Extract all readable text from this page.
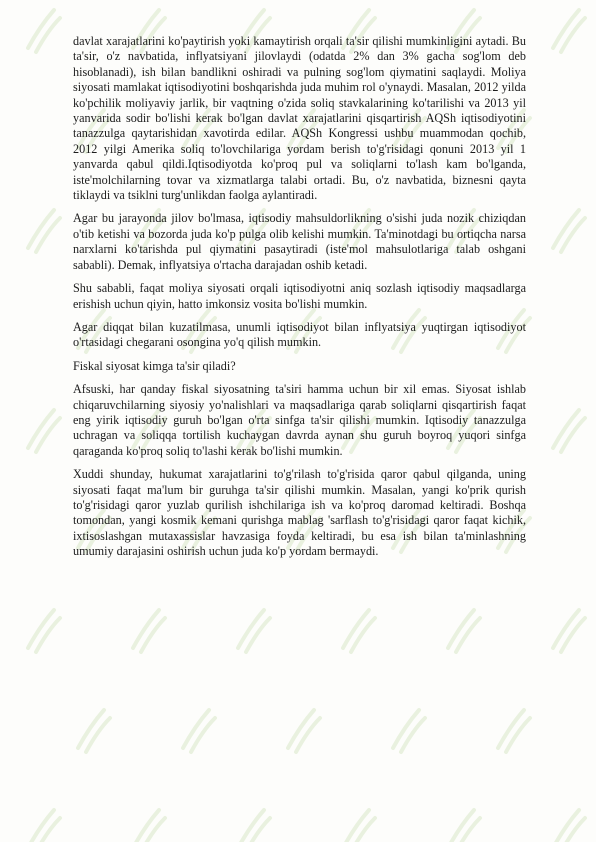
davlat xarajatlarini ko'paytirish yoki kamaytirish orqali ta'sir qilishi mumkinligini aytadi. Bu ta'sir, o'z navbatida, inflyatsiyani jilovlaydi (odatda 2% dan 3% gacha sog'lom deb hisoblanadi), ish bilan bandlikni oshiradi va pulning sog'lom qiymatini saqlaydi. Moliya siyosati mamlakat iqtisodiyotini boshqarishda juda muhim rol o'ynaydi. Masalan, 2012 yilda ko'pchilik moliyaviy jarlik, bir vaqtning o'zida soliq stavkalarining ko'tarilishi va 2013 yil yanvarida sodir bo'lishi kerak bo'lgan davlat xarajatlarini qisqartirish AQSh iqtisodiyotini tanazzulga qaytarishidan xavotirda edilar. AQSh Kongressi ushbu muammodan qochib, 2012 yilgi Amerika soliq to'lovchilariga yordam berish to'g'risidagi qonuni 2013 yil 1 yanvarda qabul qildi.Iqtisodiyotda ko'proq pul va soliqlarni to'lash kam bo'lganda, iste'molchilarning tovar va xizmatlarga talabi ortadi. Bu, o'z navbatida, biznesni qayta tiklaydi va tsiklni turg'unlikdan faolga aylantiradi.

Agar bu jarayonda jilov bo'lmasa, iqtisodiy mahsuldorlikning o'sishi juda nozik chiziqdan o'tib ketishi va bozorda juda ko'p pulga olib kelishi mumkin. Ta'minotdagi bu ortiqcha narsa narxlarni ko'tarishda pul qiymatini pasaytiradi (iste'mol mahsulotlariga talab oshgani sababli). Demak, inflyatsiya o'rtacha darajadan oshib ketadi.

Shu sababli, faqat moliya siyosati orqali iqtisodiyotni aniq sozlash iqtisodiy maqsadlarga erishish uchun qiyin, hatto imkonsiz vosita bo'lishi mumkin.

Agar diqqat bilan kuzatilmasa, unumli iqtisodiyot bilan inflyatsiya yuqtirgan iqtisodiyot o'rtasidagi chegarani osongina yo'q qilish mumkin.

Fiskal siyosat kimga ta'sir qiladi?

Afsuski, har qanday fiskal siyosatning ta'siri hamma uchun bir xil emas. Siyosat ishlab chiqaruvchilarning siyosiy yo'nalishlari va maqsadlariga qarab soliqlarni qisqartirish faqat eng yirik iqtisodiy guruh bo'lgan o'rta sinfga ta'sir qilishi mumkin. Iqtisodiy tanazzulga uchragan va soliqqa tortilish kuchaygan davrda aynan shu guruh boyroq yuqori sinfga qaraganda ko'proq soliq to'lashi kerak bo'lishi mumkin.

Xuddi shunday, hukumat xarajatlarini to'g'rilash to'g'risida qaror qabul qilganda, uning siyosati faqat ma'lum bir guruhga ta'sir qilishi mumkin. Masalan, yangi ko'prik qurish to'g'risidagi qaror yuzlab qurilish ishchilariga ish va ko'proq daromad keltiradi. Boshqa tomondan, yangi kosmik kemani qurishga mablag 'sarflash to'g'risidagi qaror faqat kichik, ixtisoslashgan mutaxassislar havzasiga foyda keltiradi, bu esa ish bilan ta'minlashning umumiy darajasini oshirish uchun juda ko'p yordam bermaydi.
